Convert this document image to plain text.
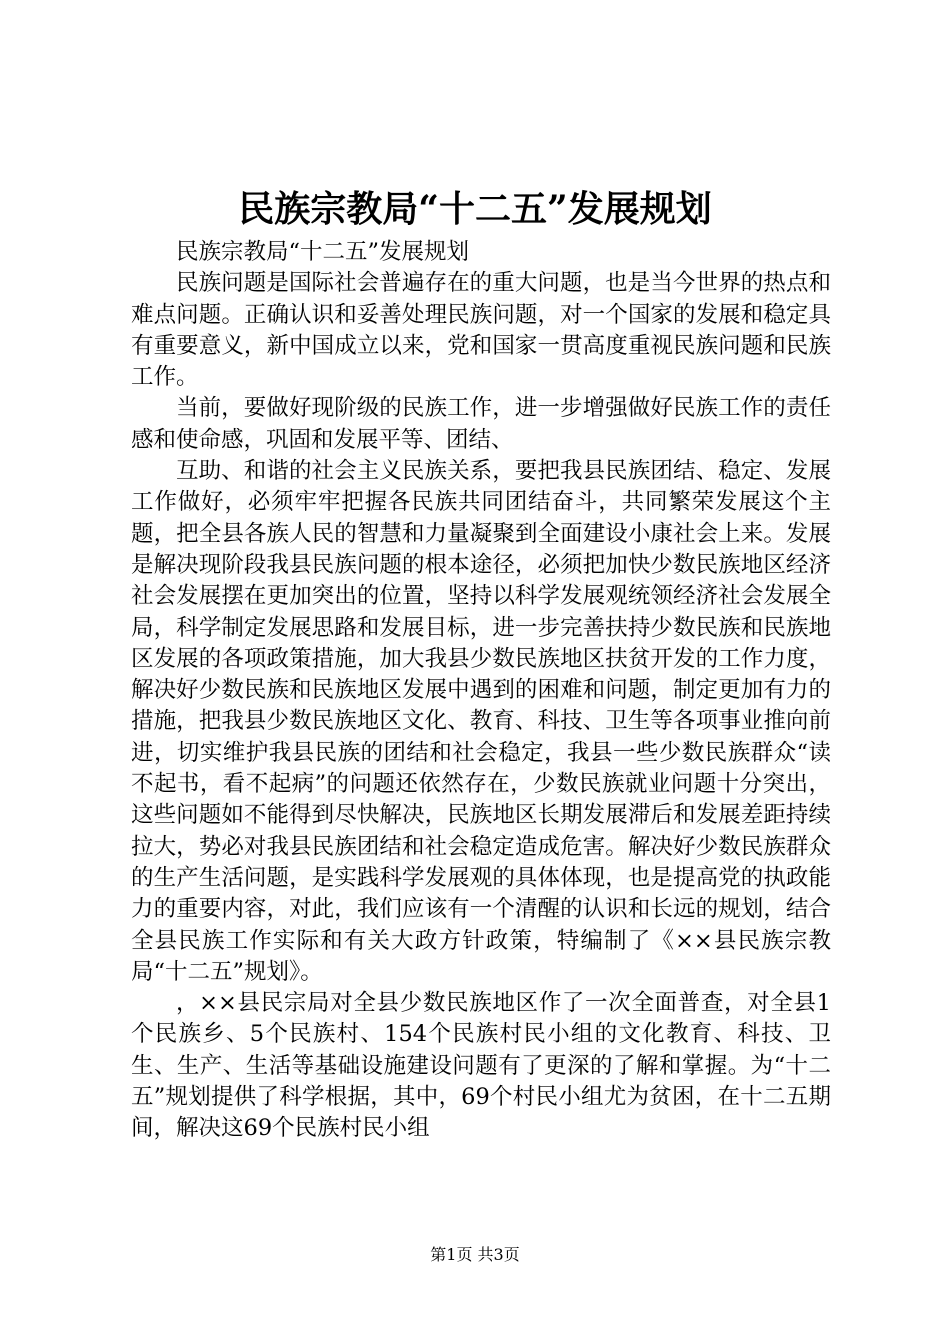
民族宗教局“十二五”发展规划

民族宗教局“十二五”发展规划

民族问题是国际社会普遍存在的重大问题，也是当今世界的热点和难点问题。正确认识和妥善处理民族问题，对一个国家的发展和稳定具有重要意义，新中国成立以来，党和国家一贯高度重视民族问题和民族工作。

当前，要做好现阶级的民族工作，进一步增强做好民族工作的责任感和使命感，巩固和发展平等、团结、

互助、和谐的社会主义民族关系，要把我县民族团结、稳定、发展工作做好，必须牢牢把握各民族共同团结奋斗，共同繁荣发展这个主题，把全县各族人民的智慧和力量凝聚到全面建设小康社会上来。发展是解决现阶段我县民族问题的根本途径，必须把加快少数民族地区经济社会发展摆在更加突出的位置，坚持以科学发展观统领经济社会发展全局，科学制定发展思路和发展目标，进一步完善扶持少数民族和民族地区发展的各项政策措施，加大我县少数民族地区扶贫开发的工作力度，解决好少数民族和民族地区发展中遇到的困难和问题，制定更加有力的措施，把我县少数民族地区文化、教育、科技、卫生等各项事业推向前进，切实维护我县民族的团结和社会稳定，我县一些少数民族群众“读不起书，看不起病”的问题还依然存在，少数民族就业问题十分突出，这些问题如不能得到尽快解决，民族地区长期发展滞后和发展差距持续拉大，势必对我县民族团结和社会稳定造成危害。解决好少数民族群众的生产生活问题，是实践科学发展观的具体体现，也是提高党的执政能力的重要内容，对此，我们应该有一个清醒的认识和长远的规划，结合全县民族工作实际和有关大政方针政策，特编制了《××县民族宗教局“十二五”规划》。

，××县民宗局对全县少数民族地区作了一次全面普查，对全县1个民族乡、5个民族村、154个民族村民小组的文化教育、科技、卫生、生产、生活等基础设施建设问题有了更深的了解和掌握。为“十二五”规划提供了科学根据，其中，69个村民小组尤为贫困，在十二五期间，解决这69个民族村民小组

第1页 共3页
